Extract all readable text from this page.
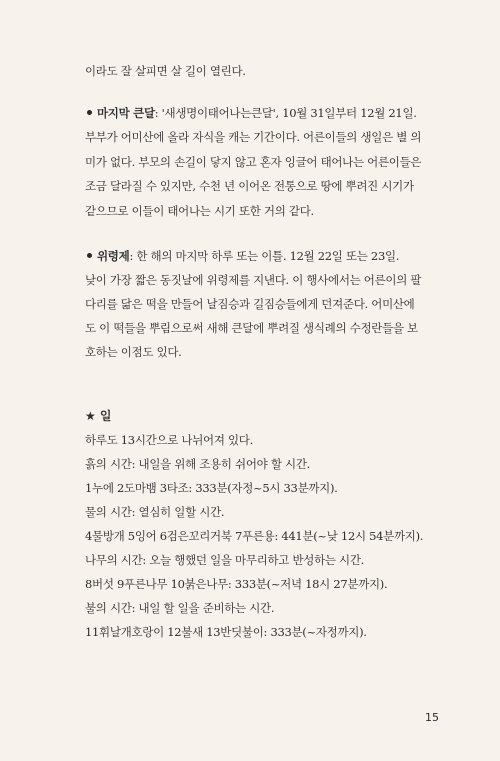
이라도 잘 살피면 살 길이 열린다.
마지막 큰달: '새생명이태어나는큰달', 10월 31일부터 12월 21일.
부부가 어미산에 올라 자식을 캐는 기간이다. 어른이들의 생일은 별 의
미가 없다. 부모의 손길이 닿지 않고 혼자 잉글어 태어나는 어른이들은
조금 달라질 수 있지만, 수천 년 이어온 전통으로 땅에 뿌려진 시기가
같으므로 이들이 태어나는 시기 또한 거의 같다.
위령제: 한 해의 마지막 하루 또는 이틀. 12월 22일 또는 23일.
낮이 가장 짧은 동짓날에 위령제를 지낸다. 이 행사에서는 어른이의 팔
다리를 닮은 떡을 만들어 날짐승과 길짐승들에게 던져준다. 어미산에
도 이 떡들을 뿌림으로써 새해 큰달에 뿌려질 생식례의 수정란들을 보
호하는 이점도 있다.
★ 일
하루도 13시간으로 나뉘어져 있다.
흙의 시간: 내일을 위해 조용히 쉬어야 할 시간.
1누에 2도마뱀 3타조: 333분(자정~5시 33분까지).
물의 시간: 열심히 일할 시간.
4물방개 5잉어 6검은꼬리거북 7푸른용: 441분(~낮 12시 54분까지).
나무의 시간: 오늘 행했던 일을 마무리하고 반성하는 시간.
8버섯 9푸른나무 10붉은나무: 333분(~저녁 18시 27분까지).
불의 시간: 내일 할 일을 준비하는 시간.
11휘날개호랑이 12불새 13반딧불이: 333분(~자정까지).
15
